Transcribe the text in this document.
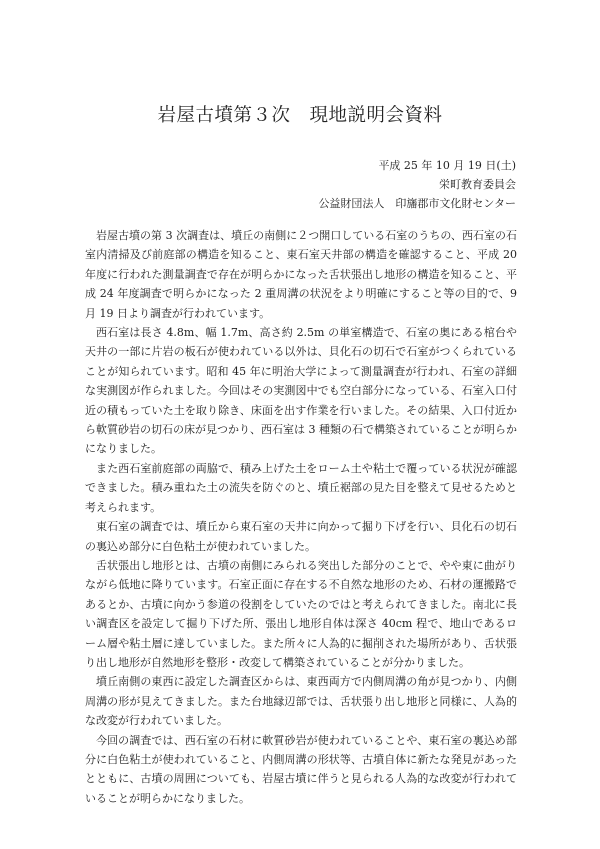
岩屋古墳第３次　現地説明会資料
平成 25 年 10 月 19 日(土)
栄町教育委員会
公益財団法人　印旛郡市文化財センター

岩屋古墳の第 3 次調査は、墳丘の南側に２つ開口している石室のうちの、西石室の石室内清掃及び前庭部の構造を知ること、東石室天井部の構造を確認すること、平成 20 年度に行われた測量調査で存在が明らかになった舌状張出し地形の構造を知ること、平成 24 年度調査で明らかになった 2 重周溝の状況をより明確にすること等の目的で、9 月 19 日より調査が行われています。

西石室は長さ 4.8m、幅 1.7m、高さ約 2.5m の単室構造で、石室の奥にある棺台や天井の一部に片岩の板石が使われている以外は、貝化石の切石で石室がつくられていることが知られています。昭和 45 年に明治大学によって測量調査が行われ、石室の詳細な実測図が作られました。今回はその実測図中でも空白部分になっている、石室入口付近の積もっていた土を取り除き、床面を出す作業を行いました。その結果、入口付近から軟質砂岩の切石の床が見つかり、西石室は 3 種類の石で構築されていることが明らかになりました。

また西石室前庭部の両脇で、積み上げた土をローム土や粘土で覆っている状況が確認できました。積み重ねた土の流失を防ぐのと、墳丘裾部の見た目を整えて見せるためと考えられます。

東石室の調査では、墳丘から東石室の天井に向かって掘り下げを行い、貝化石の切石の裏込め部分に白色粘土が使われていました。

舌状張出し地形とは、古墳の南側にみられる突出した部分のことで、やや東に曲がりながら低地に降りています。石室正面に存在する不自然な地形のため、石材の運搬路であるとか、古墳に向かう参道の役割をしていたのではと考えられてきました。南北に長い調査区を設定して掘り下げた所、張出し地形自体は深さ 40cm 程で、地山であるローム層や粘土層に達していました。また所々に人為的に掘削された場所があり、舌状張り出し地形が自然地形を整形・改変して構築されていることが分かりました。

墳丘南側の東西に設定した調査区からは、東西両方で内側周溝の角が見つかり、内側周溝の形が見えてきました。また台地縁辺部では、舌状張り出し地形と同様に、人為的な改変が行われていました。

今回の調査では、西石室の石材に軟質砂岩が使われていることや、東石室の裏込め部分に白色粘土が使われていること、内側周溝の形状等、古墳自体に新たな発見があったとともに、古墳の周囲についても、岩屋古墳に伴うと見られる人為的な改変が行われていることが明らかになりました。
